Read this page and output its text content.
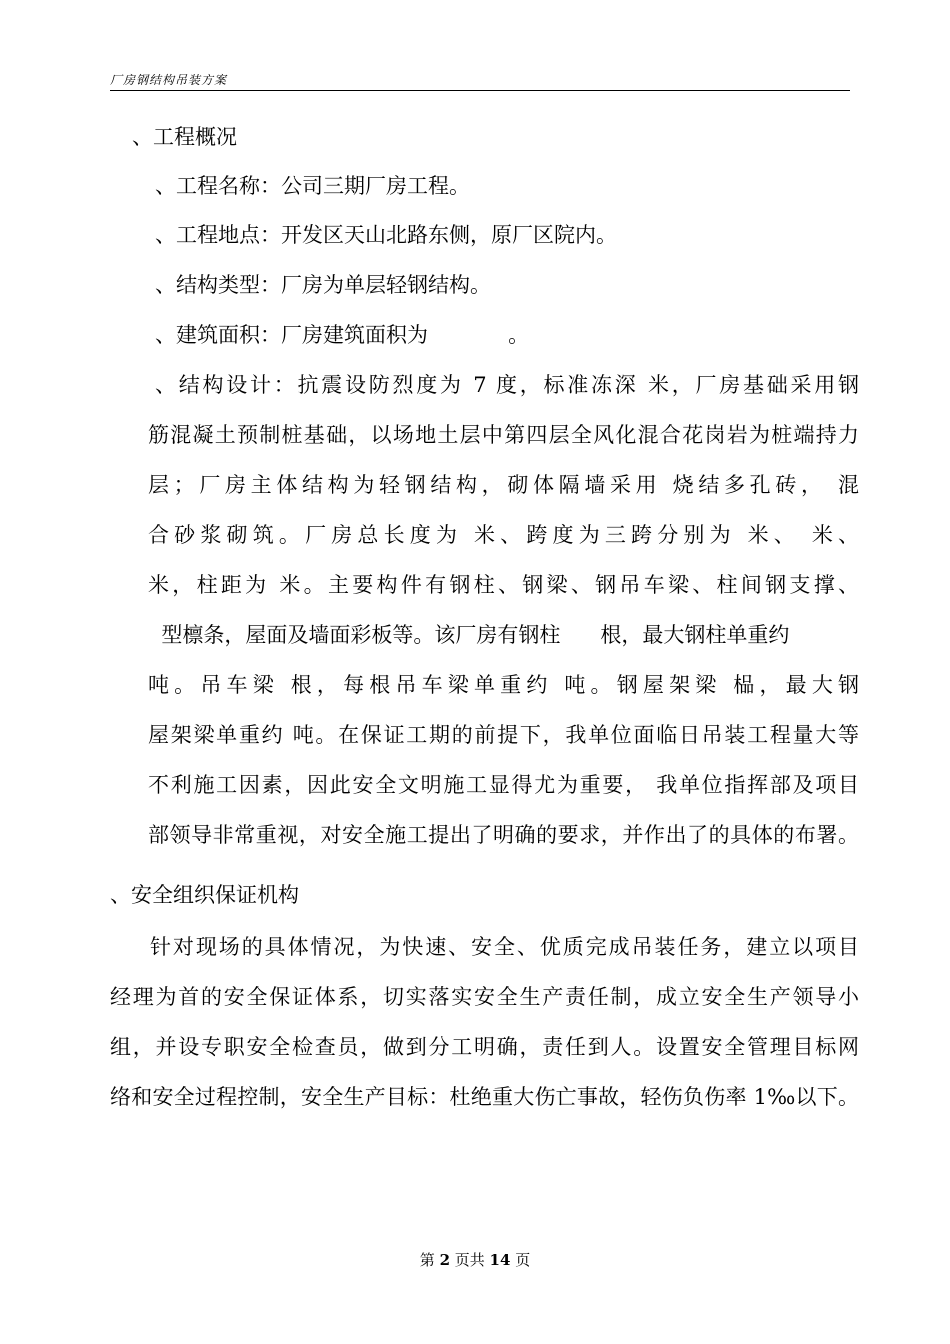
厂房钢结构吊装方案
、工程概况
、工程名称：公司三期厂房工程。
、工程地点：开发区天山北路东侧，原厂区院内。
、结构类型：厂房为单层轻钢结构。
、建筑面积：厂房建筑面积为            。
、结构设计：抗震设防烈度为 7 度，标准冻深 米，厂房基础采用钢
筋混凝土预制桩基础，以场地土层中第四层全风化混合花岗岩为桩端持力
层；厂房主体结构为轻钢结构，砌体隔墙采用 烧结多孔砖， 混
合砂浆砌筑。厂房总长度为 米、跨度为三跨分别为 米、 米、
米，柱距为 米。主要构件有钢柱、钢梁、钢吊车梁、柱间钢支撑、
型檩条，屋面及墙面彩板等。该厂房有钢柱      根，最大钢柱单重约
吨。吊车梁 根，每根吊车梁单重约 吨。钢屋架梁 榀，最大钢
屋架梁单重约 吨。在保证工期的前提下，我单位面临日吊装工程量大等
不利施工因素，因此安全文明施工显得尤为重要， 我单位指挥部及项目
部领导非常重视，对安全施工提出了明确的要求，并作出了的具体的布署。
、安全组织保证机构
针对现场的具体情况，为快速、安全、优质完成吊装任务，建立以项目
经理为首的安全保证体系，切实落实安全生产责任制，成立安全生产领导小
组，并设专职安全检查员，做到分工明确，责任到人。设置安全管理目标网
络和安全过程控制，安全生产目标：杜绝重大伤亡事故，轻伤负伤率 1‰以下。
第 2 页共 14 页
